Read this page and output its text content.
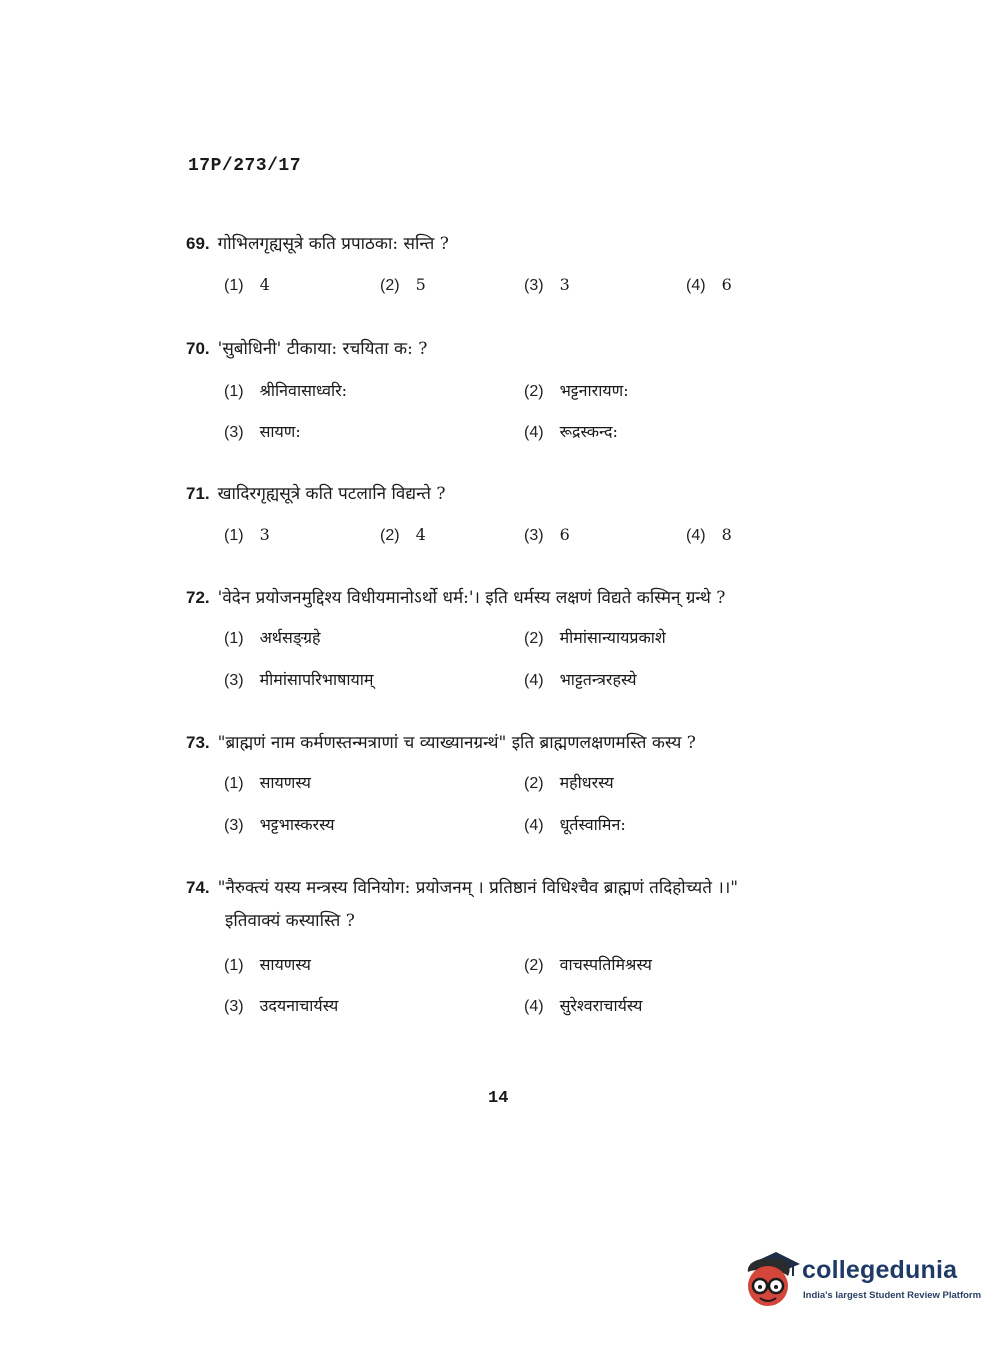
17P/273/17
69. गोभिलगृह्यसूत्रे कति प्रपाठका: सन्ति ?
(1) 4	(2) 5	(3) 3	(4) 6
70. 'सुबोधिनी' टीकाया: रचयिता क: ?
(1) श्रीनिवासाध्वरि:	(2) भट्टनारायण:
(3) सायण:	(4) रूद्रस्कन्द:
71. खादिरगृह्यसूत्रे कति पटलानि विद्यन्ते ?
(1) 3	(2) 4	(3) 6	(4) 8
72. 'वेदेन प्रयोजनमुद्दिश्य विधीयमानोऽर्थो धर्म:'। इति धर्मस्य लक्षणं विद्यते कस्मिन् ग्रन्थे ?
(1) अर्थसङ्ग्रहे	(2) मीमांसान्यायप्रकाशे
(3) मीमांसापरिभाषायाम्	(4) भाट्टतन्त्ररहस्ये
73. "ब्राह्मणं नाम कर्मणस्तन्मत्राणां च व्याख्यानग्रन्थं" इति ब्राह्मणलक्षणमस्ति कस्य ?
(1) सायणस्य	(2) महीधरस्य
(3) भट्टभास्करस्य	(4) धूर्तस्वामिन:
74. "नैरुक्त्यं यस्य मन्त्रस्य विनियोग: प्रयोजनम् । प्रतिष्ठानं विधिश्चैव ब्राह्मणं तदिहोच्यते ।।"
इतिवाक्यं कस्यास्ति ?
(1) सायणस्य	(2) वाचस्पतिमिश्रस्य
(3) उदयनाचार्यस्य	(4) सुरेश्वराचार्यस्य
14
collegedunia
India's largest Student Review Platform
